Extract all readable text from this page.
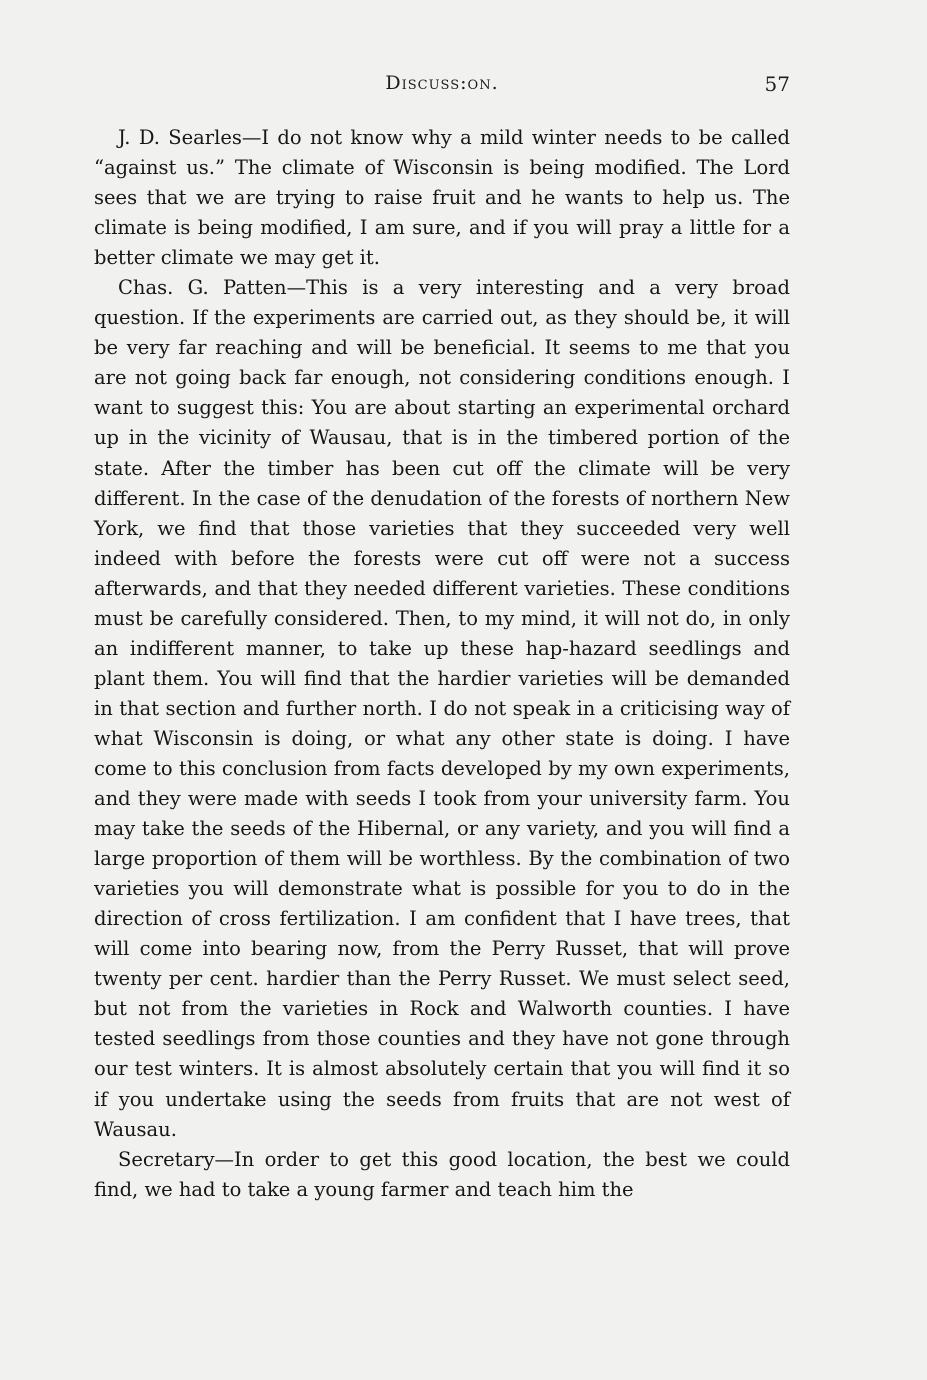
Discuss:on.	57

J. D. Searles—I do not know why a mild winter needs to be called “against us.” The climate of Wisconsin is being modified. The Lord sees that we are trying to raise fruit and he wants to help us. The climate is being modified, I am sure, and if you will pray a little for a better climate we may get it.

Chas. G. Patten—This is a very interesting and a very broad question. If the experiments are carried out, as they should be, it will be very far reaching and will be beneficial. It seems to me that you are not going back far enough, not considering conditions enough. I want to suggest this: You are about starting an experimental orchard up in the vicinity of Wausau, that is in the timbered portion of the state. After the timber has been cut off the climate will be very different. In the case of the denudation of the forests of northern New York, we find that those varieties that they succeeded very well indeed with before the forests were cut off were not a success afterwards, and that they needed different varieties. These conditions must be carefully considered. Then, to my mind, it will not do, in only an indifferent manner, to take up these hap-hazard seedlings and plant them. You will find that the hardier varieties will be demanded in that section and further north. I do not speak in a criticising way of what Wisconsin is doing, or what any other state is doing. I have come to this conclusion from facts developed by my own experiments, and they were made with seeds I took from your university farm. You may take the seeds of the Hibernal, or any variety, and you will find a large proportion of them will be worthless. By the combination of two varieties you will demonstrate what is possible for you to do in the direction of cross fertilization. I am confident that I have trees, that will come into bearing now, from the Perry Russet, that will prove twenty per cent. hardier than the Perry Russet. We must select seed, but not from the varieties in Rock and Walworth counties. I have tested seedlings from those counties and they have not gone through our test winters. It is almost absolutely certain that you will find it so if you undertake using the seeds from fruits that are not west of Wausau.

Secretary—In order to get this good location, the best we could find, we had to take a young farmer and teach him the
